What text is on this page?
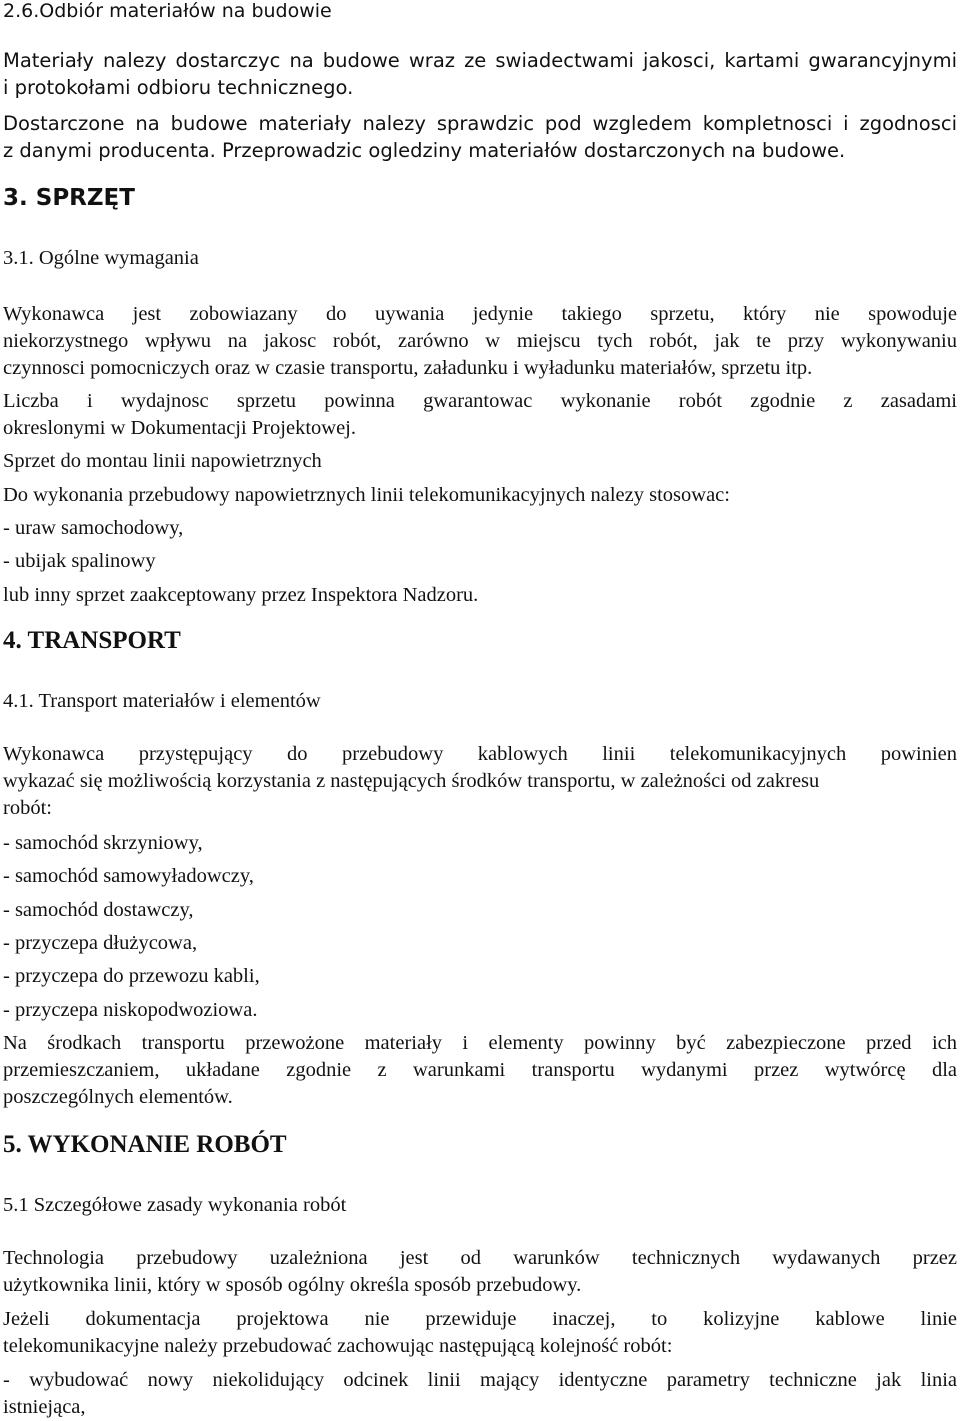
2.6.Odbiór materiałów na budowie

Materiały nalezy dostarczyc na budowe wraz ze swiadectwami jakosci, kartami gwarancyjnymi

i protokołami odbioru technicznego.

Dostarczone na budowe materiały nalezy sprawdzic pod wzgledem kompletnosci i zgodnosci

z danymi producenta. Przeprowadzic ogledziny materiałów dostarczonych na budowe.

3. SPRZĘT

3.1. Ogólne wymagania

Wykonawca jest zobowiazany do uywania jedynie takiego sprzetu, który nie spowoduje

niekorzystnego wpływu na jakosc robót, zarówno w miejscu tych robót, jak te przy wykonywaniu

czynnosci pomocniczych oraz w czasie transportu, załadunku i wyładunku materiałów, sprzetu itp.

Liczba i wydajnosc sprzetu powinna gwarantowac wykonanie robót zgodnie z zasadami

okreslonymi w Dokumentacji Projektowej.

Sprzet do montau linii napowietrznych

Do wykonania przebudowy napowietrznych linii telekomunikacyjnych nalezy stosowac:

- uraw samochodowy,

- ubijak spalinowy

lub inny sprzet zaakceptowany przez Inspektora Nadzoru.

4. TRANSPORT

4.1. Transport materiałów i elementów

Wykonawca przystępujący do przebudowy kablowych linii telekomunikacyjnych powinien

wykazać się możliwością korzystania z następujących środków transportu, w zależności od zakresu

robót:

- samochód skrzyniowy,

- samochód samowyładowczy,

- samochód dostawczy,

- przyczepa dłużycowa,

- przyczepa do przewozu kabli,

- przyczepa niskopodwoziowa.

Na środkach transportu przewożone materiały i elementy powinny być zabezpieczone przed ich

przemieszczaniem, układane zgodnie z warunkami transportu wydanymi przez wytwórcę dla

poszczególnych elementów.

5. WYKONANIE ROBÓT

5.1 Szczegółowe zasady wykonania robót

Technologia przebudowy uzależniona jest od warunków technicznych wydawanych przez

użytkownika linii, który w sposób ogólny określa sposób przebudowy.

Jeżeli dokumentacja projektowa nie przewiduje inaczej, to kolizyjne kablowe linie

telekomunikacyjne należy przebudować zachowując następującą kolejność robót:

- wybudować nowy niekolidujący odcinek linii mający identyczne parametry techniczne jak linia

istniejąca,
